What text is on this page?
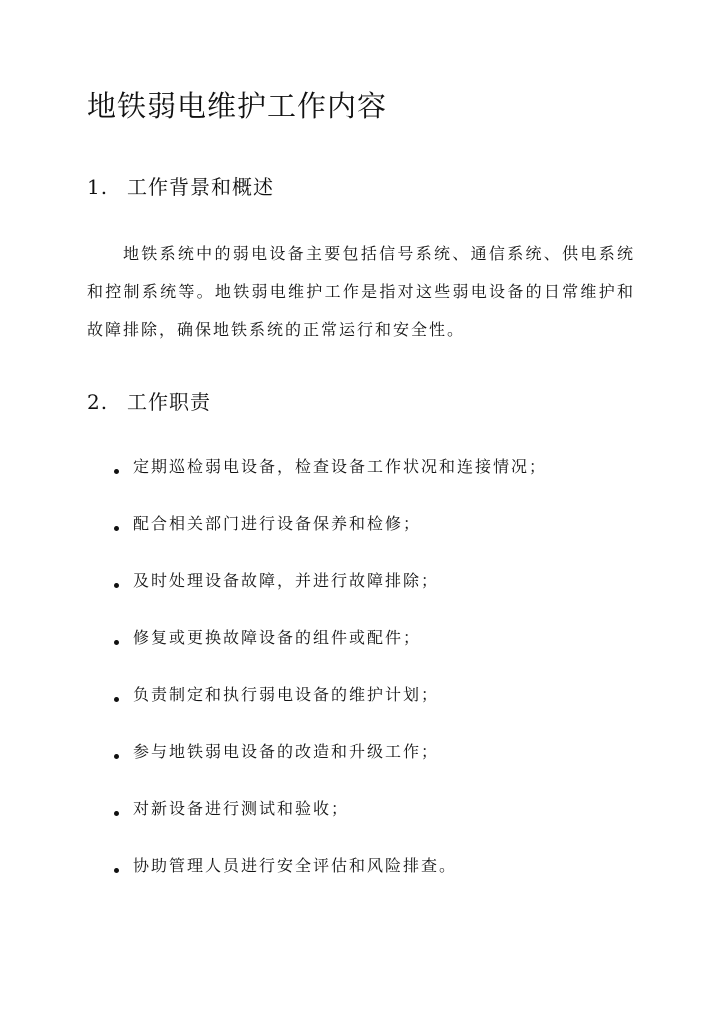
地铁弱电维护工作内容
1. 工作背景和概述

地铁系统中的弱电设备主要包括信号系统、通信系统、供电系统和控制系统等。地铁弱电维护工作是指对这些弱电设备的日常维护和故障排除，确保地铁系统的正常运行和安全性。

2. 工作职责
定期巡检弱电设备，检查设备工作状况和连接情况；
配合相关部门进行设备保养和检修；
及时处理设备故障，并进行故障排除；
修复或更换故障设备的组件或配件；
负责制定和执行弱电设备的维护计划；
参与地铁弱电设备的改造和升级工作；
对新设备进行测试和验收；
协助管理人员进行安全评估和风险排查。
